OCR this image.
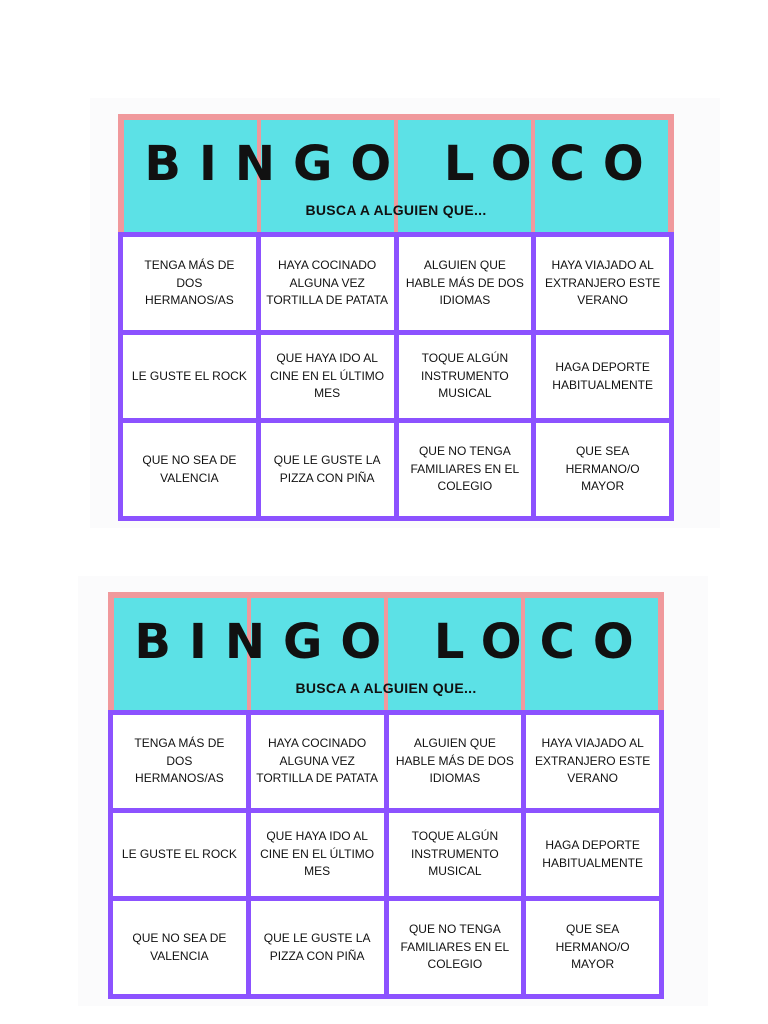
BINGO LOCO
BUSCA A ALGUIEN QUE...
TENGA MÁS DE DOS HERMANOS/AS
HAYA COCINADO ALGUNA VEZ TORTILLA DE PATATA
ALGUIEN QUE HABLE MÁS DE DOS IDIOMAS
HAYA VIAJADO AL EXTRANJERO ESTE VERANO
LE GUSTE EL ROCK
QUE HAYA IDO AL CINE EN EL ÚLTIMO MES
TOQUE ALGÚN INSTRUMENTO MUSICAL
HAGA DEPORTE HABITUALMENTE
QUE NO SEA DE VALENCIA
QUE LE GUSTE LA PIZZA CON PIÑA
QUE NO TENGA FAMILIARES EN EL COLEGIO
QUE SEA HERMANO/O MAYOR
BINGO LOCO
BUSCA A ALGUIEN QUE...
TENGA MÁS DE DOS HERMANOS/AS
HAYA COCINADO ALGUNA VEZ TORTILLA DE PATATA
ALGUIEN QUE HABLE MÁS DE DOS IDIOMAS
HAYA VIAJADO AL EXTRANJERO ESTE VERANO
LE GUSTE EL ROCK
QUE HAYA IDO AL CINE EN EL ÚLTIMO MES
TOQUE ALGÚN INSTRUMENTO MUSICAL
HAGA DEPORTE HABITUALMENTE
QUE NO SEA DE VALENCIA
QUE LE GUSTE LA PIZZA CON PIÑA
QUE NO TENGA FAMILIARES EN EL COLEGIO
QUE SEA HERMANO/O MAYOR
